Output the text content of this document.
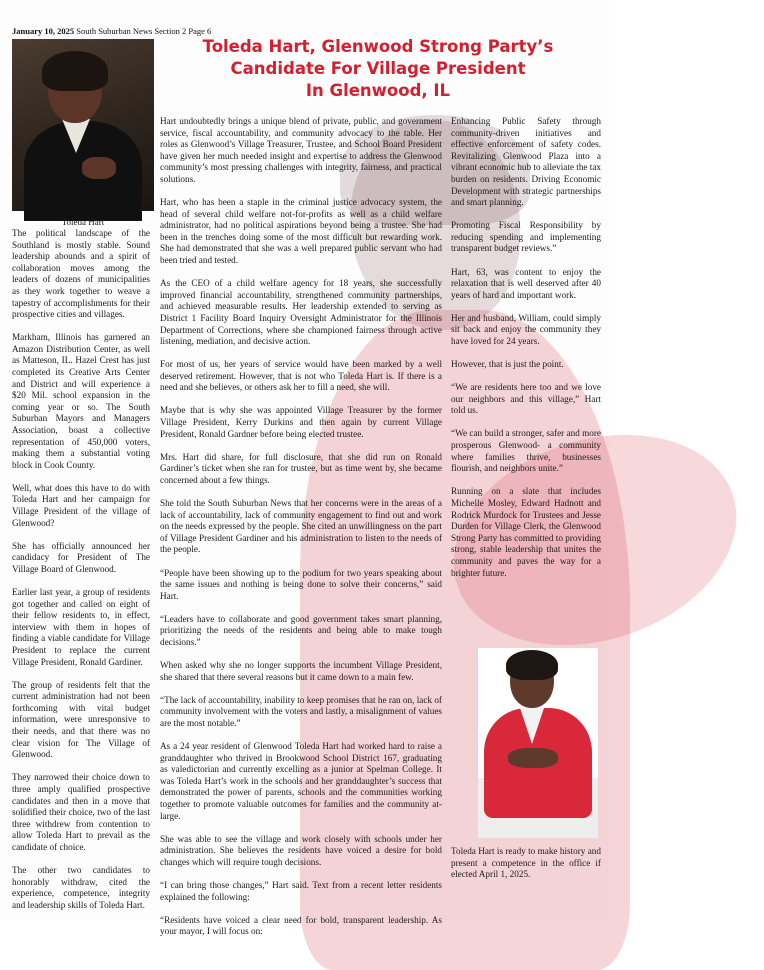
January 10, 2025 South Suburban News Section 2 Page 6
Toleda Hart, Glenwood Strong Party’s
Candidate For Village President
In Glenwood, IL
Toleda Hart

The political landscape of the Southland is mostly stable. Sound leadership abounds and a spirit of collaboration moves among the leaders of dozens of municipalities as they work together to weave a tapestry of accomplishments for their prospective cities and villages.

Markham, Illinois has garnered an Amazon Distribution Center, as well as Matteson, IL. Hazel Crest has just completed its Creative Arts Center and District and will experience a $20 Mil. school expansion in the coming year or so. The South Suburban Mayors and Managers Association, boast a collective representation of 450,000 voters, making them a substantial voting block in Cook County.

Well, what does this have to do with Toleda Hart and her campaign for Village President of the village of Glenwood?

She has officially announced her candidacy for President of The Village Board of Glenwood.

Earlier last year, a group of residents got together and called on eight of their fellow residents to, in effect, interview with them in hopes of finding a viable candidate for Village President to replace the current Village President, Ronald Gardiner.

The group of residents felt that the current administration had not been forthcoming with vital budget information, were unresponsive to their needs, and that there was no clear vision for The Village of Glenwood.

They narrowed their choice down to three amply qualified prospective candidates and then in a move that solidified their choice, two of the last three withdrew from contention to allow Toleda Hart to prevail as the candidate of choice.

The other two candidates to honorably withdraw, cited the experience, competence, integrity and leadership skills of Toleda Hart.

Hart undoubtedly brings a unique blend of private, public, and government service, fiscal accountability, and community advocacy to the table. Her roles as Glenwood’s Village Treasurer, Trustee, and School Board President have given her much needed insight and expertise to address the Glenwood community’s most pressing challenges with integrity, fairness, and practical solutions.

Hart, who has been a staple in the criminal justice advocacy system, the head of several child welfare not-for-profits as well as a child welfare administrator, had no political aspirations beyond being a trustee. She had been in the trenches doing some of the most difficult but rewarding work. She had demonstrated that she was a well prepared public servant who had been tried and tested.

As the CEO of a child welfare agency for 18 years, she successfully improved financial accountability, strengthened community partnerships, and achieved measurable results. Her leadership extended to serving as District 1 Facility Board Inquiry Oversight Administrator for the Illinois Department of Corrections, where she championed fairness through active listening, mediation, and decisive action.

For most of us, her years of service would have been marked by a well deserved retirement. However, that is not who Toleda Hart is. If there is a need and she believes, or others ask her to fill a need, she will.

Maybe that is why she was appointed Village Treasurer by the former Village President, Kerry Durkins and then again by current Village President, Ronald Gardner before being elected trustee.

Mrs. Hart did share, for full disclosure, that she did run on Ronald Gardiner’s ticket when she ran for trustee, but as time went by, she became concerned about a few things.

She told the South Suburban News that her concerns were in the areas of a lack of accountability, lack of community engagement to find out and work on the needs expressed by the people. She cited an unwillingness on the part of Village President Gardiner and his administration to listen to the needs of the people.

“People have been showing up to the podium for two years speaking about the same issues and nothing is being done to solve their concerns,” said Hart.

“Leaders have to collaborate and good government takes smart planning, prioritizing the needs of the residents and being able to make tough decisions.”

When asked why she no longer supports the incumbent Village President, she shared that there several reasons but it came down to a main few.

“The lack of accountability, inability to keep promises that he ran on, lack of community involvement with the voters and lastly, a misalignment of values are the most notable.”

As a 24 year resident of Glenwood Toleda Hart had worked hard to raise a granddaughter who thrived in Brookwood School District 167, graduating as valedictorian and currently excelling as a junior at Spelman College. It was Toleda Hart’s work in the schools and her granddaughter’s success that demonstrated the power of parents, schools and the communities working together to promote valuable outcomes for families and the community at-large.

She was able to see the village and work closely with schools under her administration. She believes the residents have voiced a desire for bold changes which will require tough decisions.

“I can bring those changes,” Hart said. Text from a recent letter residents explained the following:

“Residents have voiced a clear need for bold, transparent leadership. As your mayor, I will focus on:

Enhancing Public Safety through community-driven initiatives and effective enforcement of safety codes. Revitalizing Glenwood Plaza into a vibrant economic hub to alleviate the tax burden on residents. Driving Economic Development with strategic partnerships and smart planning.

Promoting Fiscal Responsibility by reducing spending and implementing transparent budget reviews.”

Hart, 63, was content to enjoy the relaxation that is well deserved after 40 years of hard and important work.

Her and husband, William, could simply sit back and enjoy the community they have loved for 24 years.

However, that is just the point.

“We are residents here too and we love our neighbors and this village,” Hart told us.

“We can build a stronger, safer and more prosperous Glenwood- a community where families thrive, businesses flourish, and neighbors unite.”

Running on a slate that includes Michelle Mosley, Edward Hadnott and Rodrick Murdock for Trustees and Jesse Durden for Village Clerk, the Glenwood Strong Party has committed to providing strong, stable leadership that unites the community and paves the way for a brighter future.

Toleda Hart is ready to make history and present a competence in the office if elected April 1, 2025.
